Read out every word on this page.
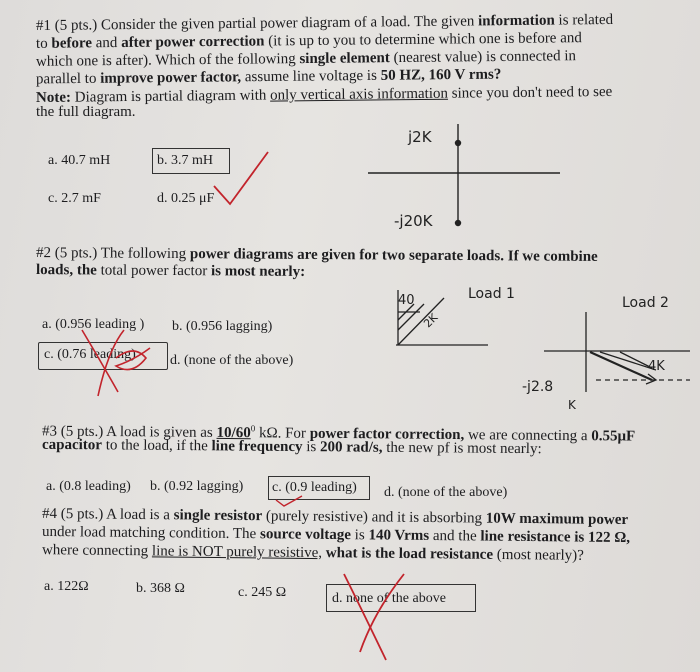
#1 (5 pts.) Consider the given partial power diagram of a load. The given information is related
to before and after power correction (it is up to you to determine which one is before and
which one is after). Which of the following single element (nearest value) is connected in
parallel to improve power factor, assume line voltage is 50 HZ, 160 V rms?
Note: Diagram is partial diagram with only vertical axis information since you don't need to see
the full diagram.
a. 40.7 mH	b. 3.7 mH
c. 2.7 mF	d. 0.25 μF
j2K
-j20K
#2 (5 pts.) The following power diagrams are given for two separate loads. If we combine
loads, the total power factor is most nearly:
a. (0.956 leading ) b. (0.956 lagging)
c. (0.76 leading) d. (none of the above)
Load 1
40
2K
Load 2
4K
-j2.8
K
#3 (5 pts.) A load is given as $10/60^0$ kΩ. For power factor correction, we are connecting a 0.55μF
capacitor to the load, if the line frequency is 200 rad/s, the new pf is most nearly:
a. (0.8 leading) b. (0.92 lagging) c. (0.9 leading) d. (none of the above)
#4 (5 pts.) A load is a single resistor (purely resistive) and it is absorbing 10W maximum power
under load matching condition. The source voltage is 140 Vrms and the line resistance is 122 Ω,
where connecting line is NOT purely resistive, what is the load resistance (most nearly)?
a. 122Ω	b. 368 Ω	c. 245 Ω	d. none of the above
